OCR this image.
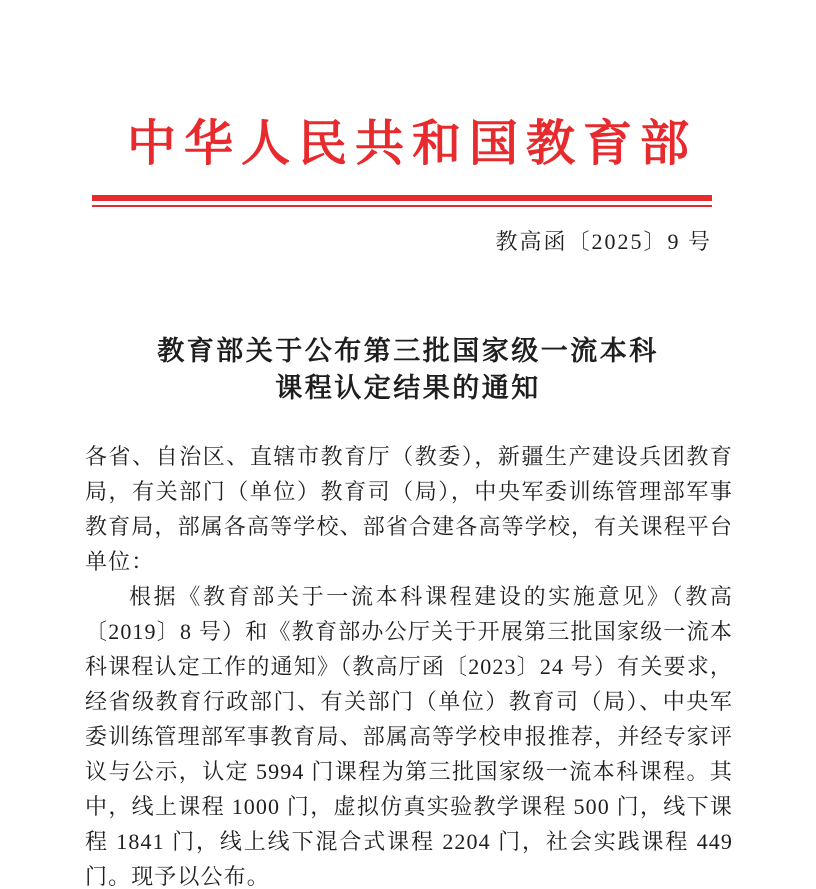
中华人民共和国教育部
教高函〔2025〕9 号
教育部关于公布第三批国家级一流本科
课程认定结果的通知

各省、自治区、直辖市教育厅（教委），新疆生产建设兵团教育局，有关部门（单位）教育司（局），中央军委训练管理部军事教育局，部属各高等学校、部省合建各高等学校，有关课程平台单位：

根据《教育部关于一流本科课程建设的实施意见》（教高〔2019〕8 号）和《教育部办公厅关于开展第三批国家级一流本科课程认定工作的通知》（教高厅函〔2023〕24 号）有关要求，经省级教育行政部门、有关部门（单位）教育司（局）、中央军委训练管理部军事教育局、部属高等学校申报推荐，并经专家评议与公示，认定 5994 门课程为第三批国家级一流本科课程。其中，线上课程 1000 门，虚拟仿真实验教学课程 500 门，线下课程 1841 门，线上线下混合式课程 2204 门，社会实践课程 449 门。现予以公布。
